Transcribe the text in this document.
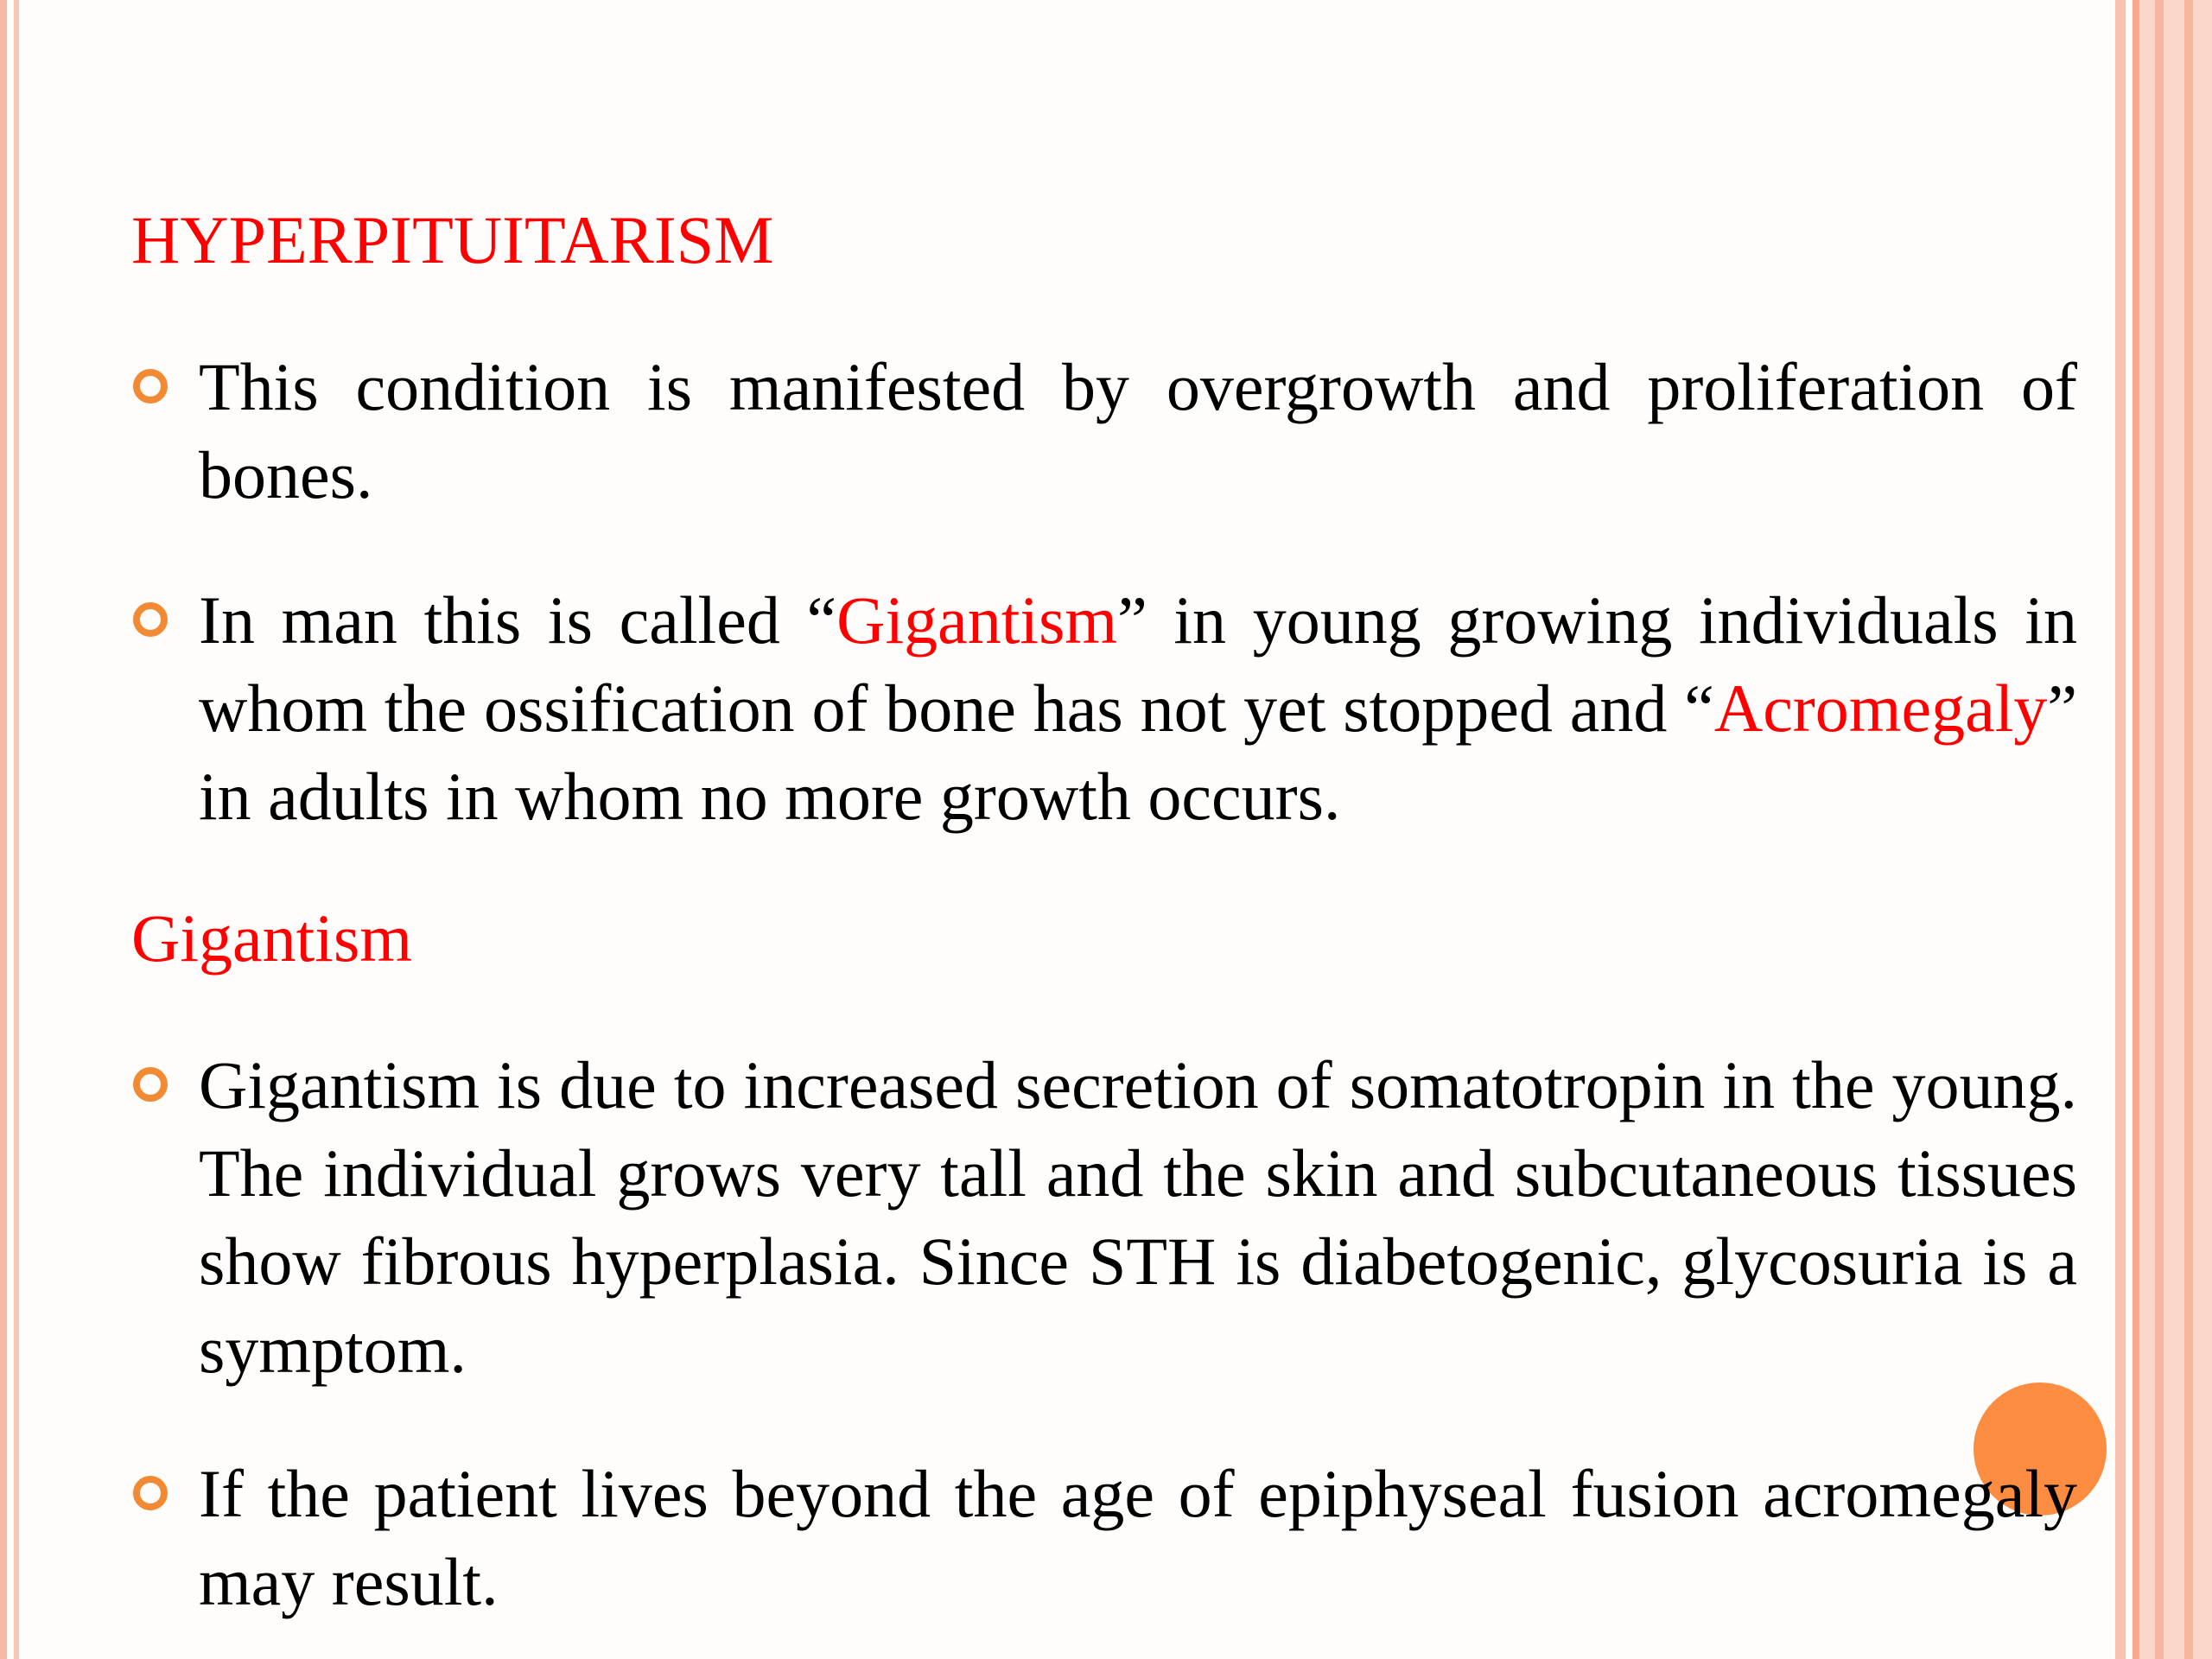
HYPERPITUITARISM

This condition is manifested by overgrowth and proliferation of bones.

In man this is called “Gigantism” in young growing individuals in whom the ossification of bone has not yet stopped and “Acromegaly” in adults in whom no more growth occurs.

Gigantism

Gigantism is due to increased secretion of somatotropin in the young. The individual grows very tall and the skin and subcutaneous tissues show fibrous hyperplasia. Since STH is diabetogenic, glycosuria is a symptom.

If the patient lives beyond the age of epiphyseal fusion acromegaly may result.
